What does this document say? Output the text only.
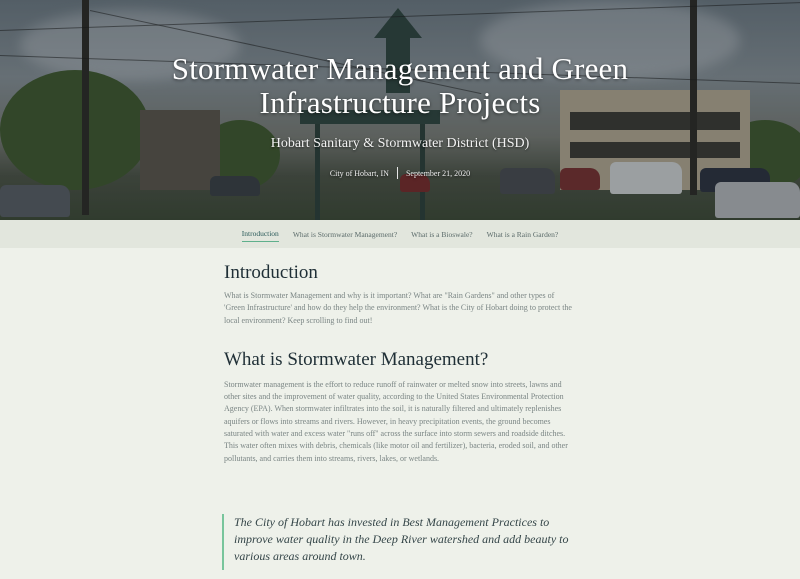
Stormwater Management and Green Infrastructure Projects
Hobart Sanitary & Stormwater District (HSD)
City of Hobart, IN September 21, 2020
Introduction What is Stormwater Management? What is a Bioswale? What is a Rain Garden?
Introduction

What is Stormwater Management and why is it important? What are "Rain Gardens" and other types of 'Green Infrastructure' and how do they help the environment? What is the City of Hobart doing to protect the local environment? Keep scrolling to find out!

What is Stormwater Management?

Stormwater management is the effort to reduce runoff of rainwater or melted snow into streets, lawns and other sites and the improvement of water quality, according to the United States Environmental Protection Agency (EPA). When stormwater infiltrates into the soil, it is naturally filtered and ultimately replenishes aquifers or flows into streams and rivers. However, in heavy precipitation events, the ground becomes saturated with water and excess water "runs off" across the surface into storm sewers and roadside ditches. This water often mixes with debris, chemicals (like motor oil and fertilizer), bacteria, eroded soil, and other pollutants, and carries them into streams, rivers, lakes, or wetlands.

The City of Hobart has invested in Best Management Practices to improve water quality in the Deep River watershed and add beauty to various areas around town.
